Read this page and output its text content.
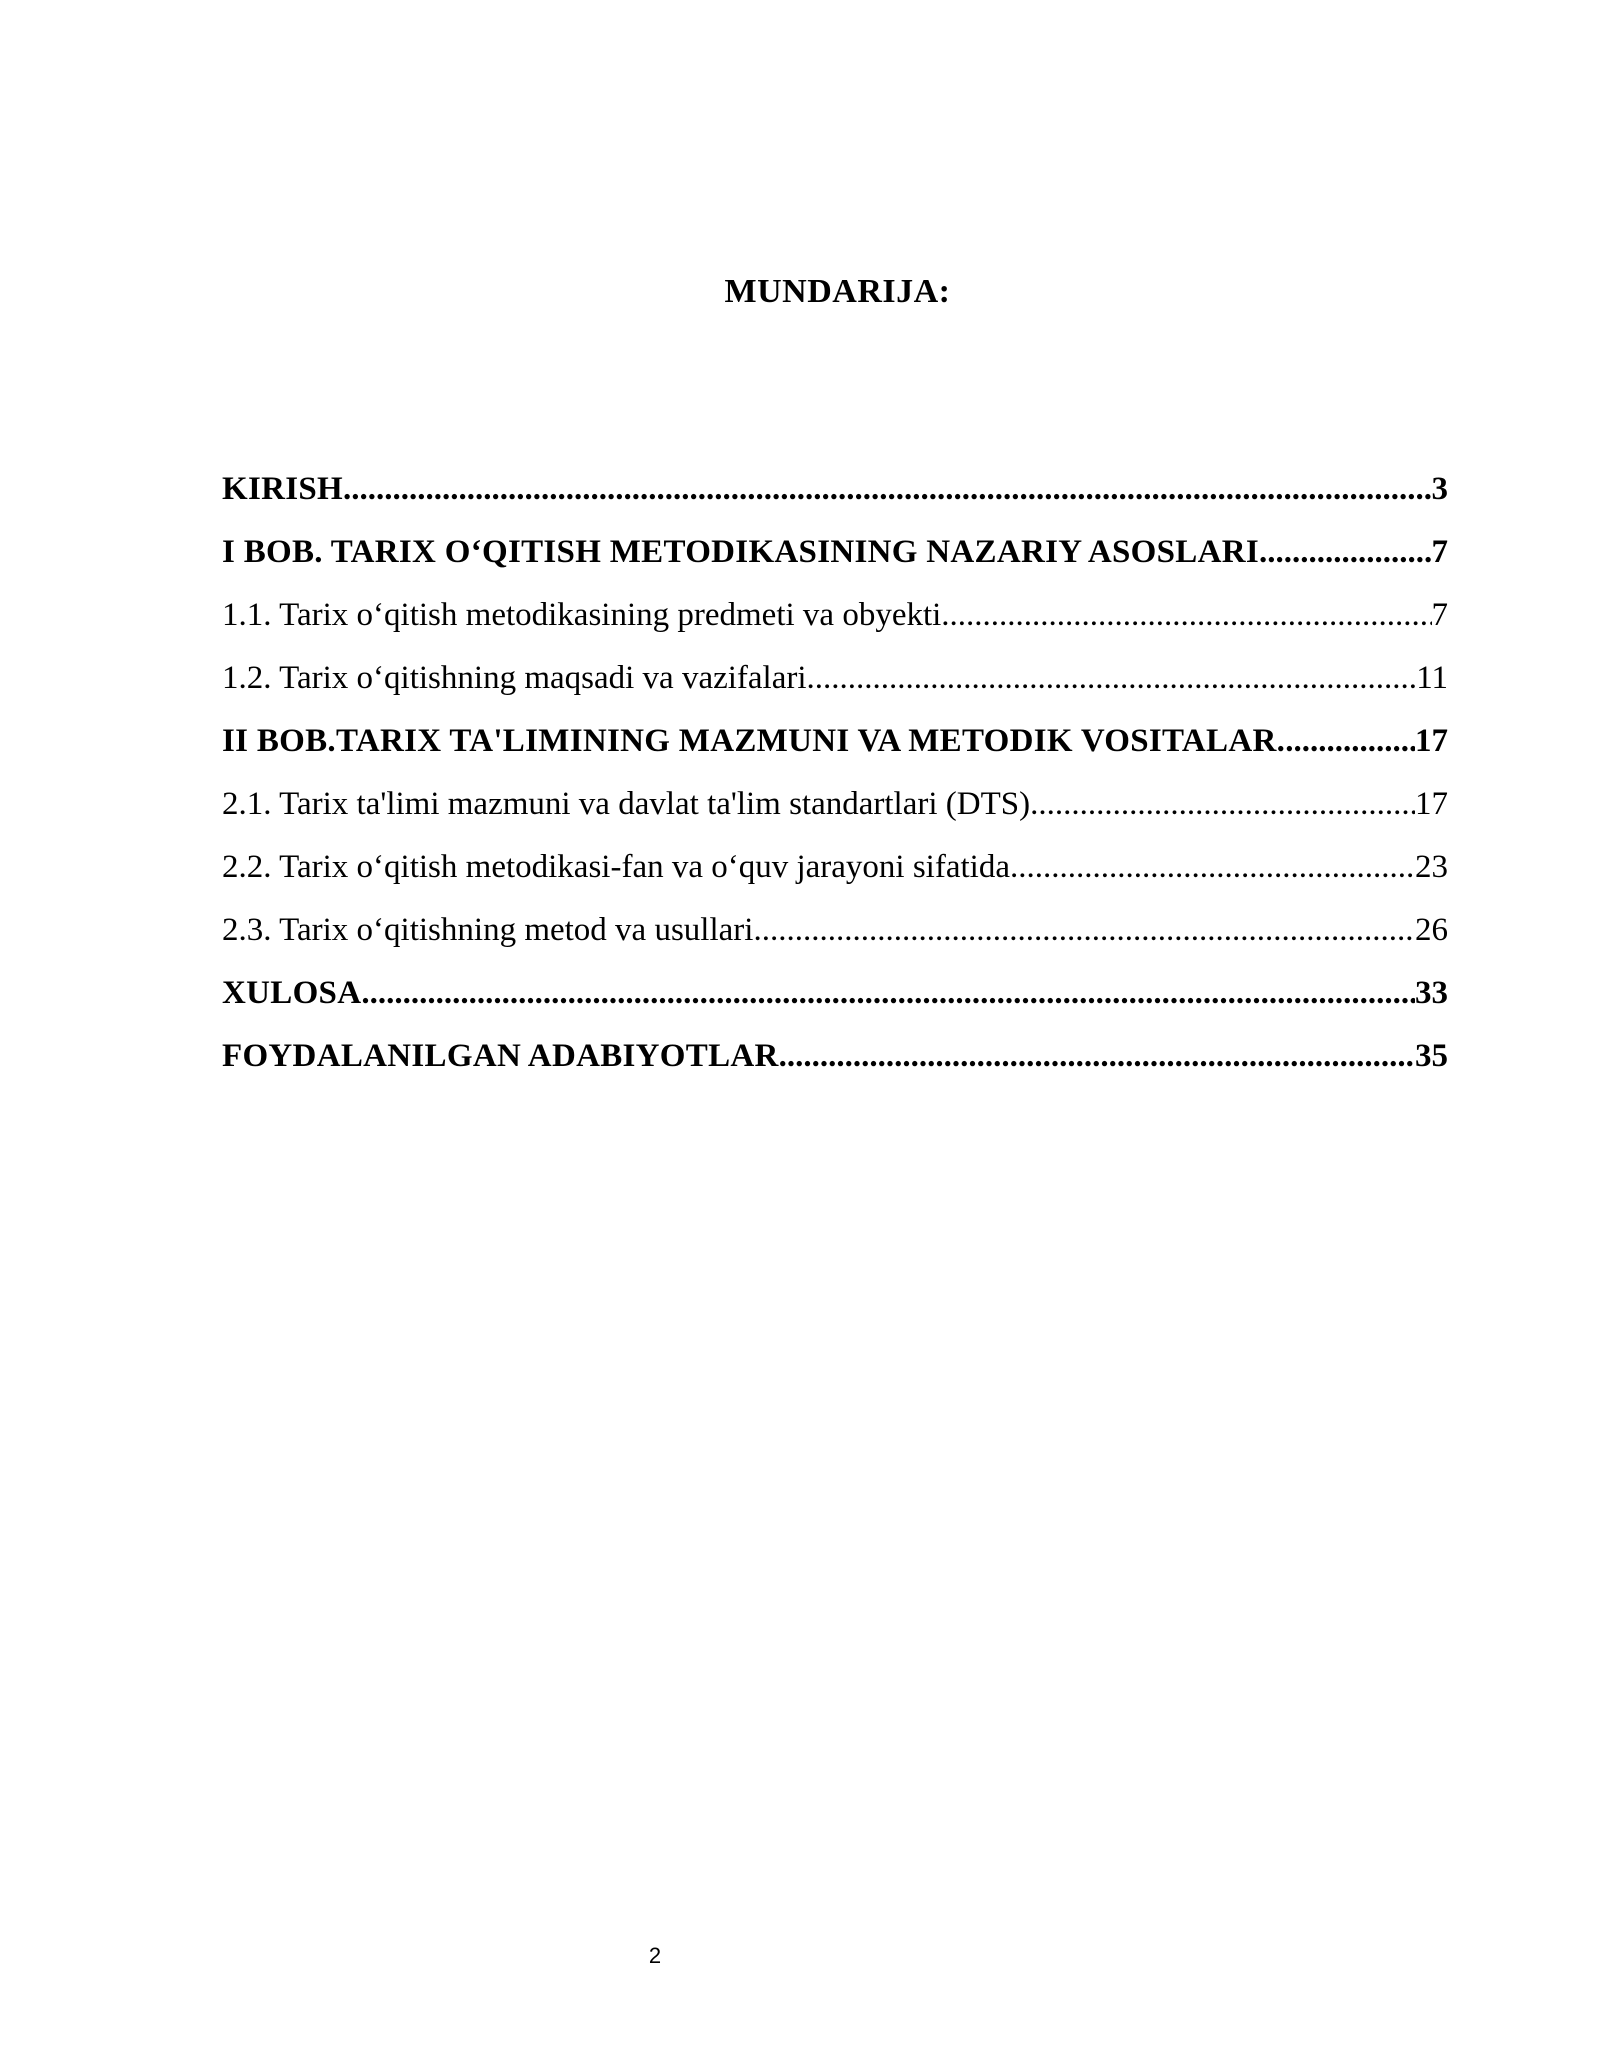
MUNDARIJA:
KIRISH .....	3
I BOB. TARIX O‘QITISH METODIKASINING NAZARIY ASOSLARI .....	7
1.1. Tarix o‘qitish metodikasining predmeti va obyekti .....	7
1.2. Tarix o‘qitishning maqsadi va vazifalari .....	11
II BOB.TARIX TA'LIMINING MAZMUNI VA METODIK VOSITALAR. .....	17
2.1. Tarix ta'limi mazmuni va davlat ta'lim standartlari (DTS) .....	17
2.2. Tarix o‘qitish metodikasi-fan va o‘quv jarayoni sifatida .....	23
2.3. Tarix o‘qitishning metod va usullari .....	26
XULOSA .....	33
FOYDALANILGAN ADABIYOTLAR .....	35
2
